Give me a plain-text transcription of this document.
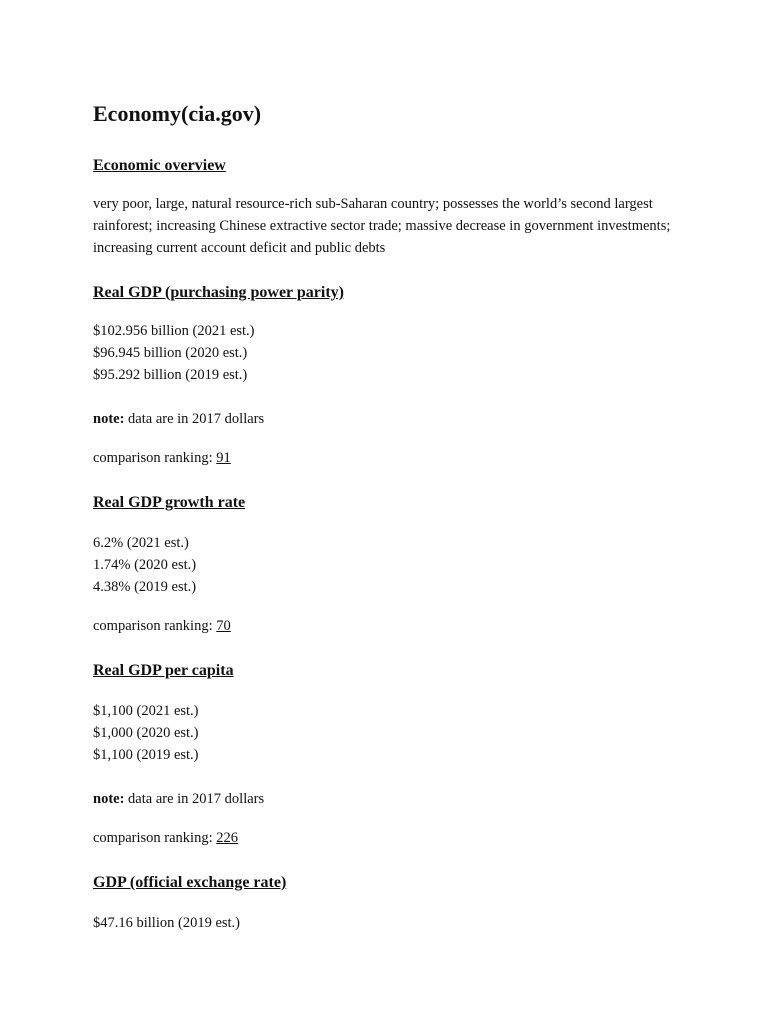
Economy(cia.gov)
Economic overview

very poor, large, natural resource-rich sub-Saharan country; possesses the world’s second largest rainforest; increasing Chinese extractive sector trade; massive decrease in government investments; increasing current account deficit and public debts

Real GDP (purchasing power parity)
$102.956 billion (2021 est.)
$96.945 billion (2020 est.)
$95.292 billion (2019 est.)

note: data are in 2017 dollars

comparison ranking: 91

Real GDP growth rate
6.2% (2021 est.)
1.74% (2020 est.)
4.38% (2019 est.)

comparison ranking: 70

Real GDP per capita
$1,100 (2021 est.)
$1,000 (2020 est.)
$1,100 (2019 est.)

note: data are in 2017 dollars

comparison ranking: 226

GDP (official exchange rate)
$47.16 billion (2019 est.)
